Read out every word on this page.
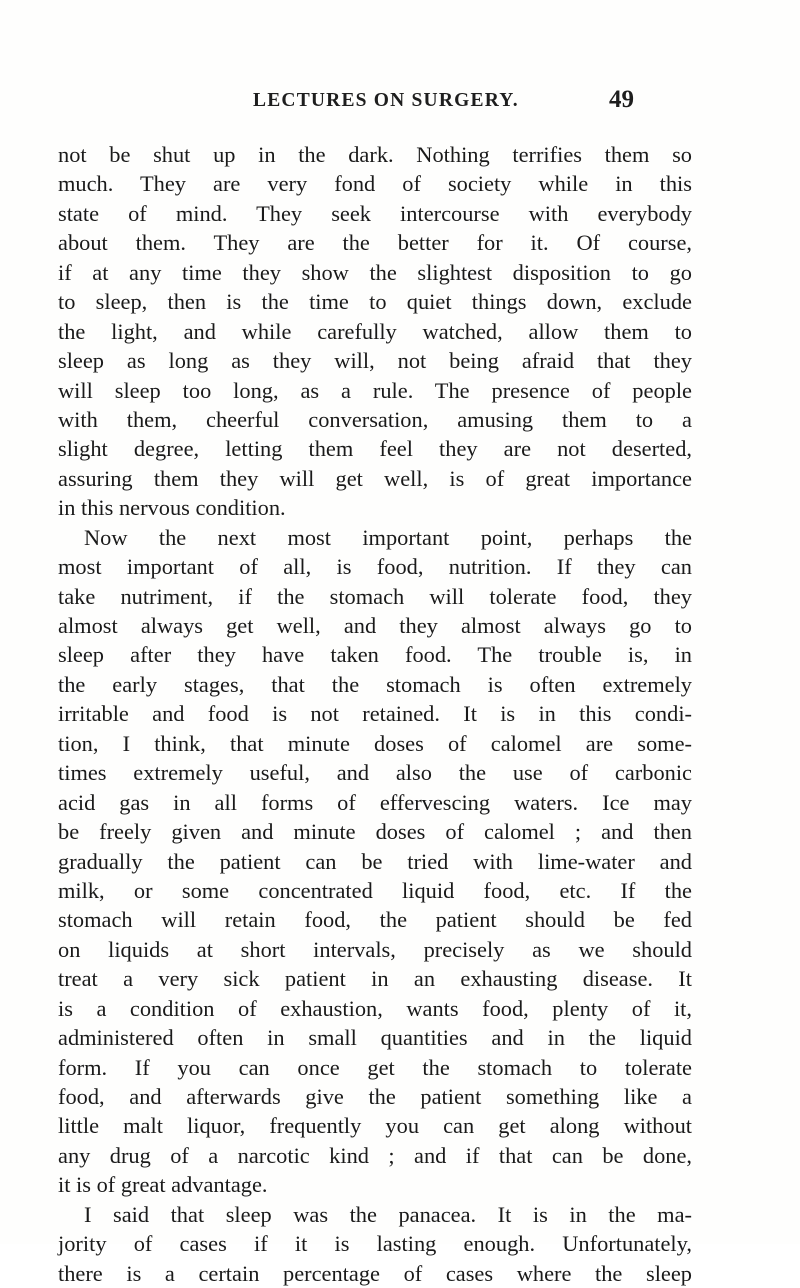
LECTURES ON SURGERY.	49
not be shut up in the dark. Nothing terrifies them so
much. They are very fond of society while in this
state of mind. They seek intercourse with everybody
about them. They are the better for it. Of course,
if at any time they show the slightest disposition to go
to sleep, then is the time to quiet things down, exclude
the light, and while carefully watched, allow them to
sleep as long as they will, not being afraid that they
will sleep too long, as a rule. The presence of people
with them, cheerful conversation, amusing them to a
slight degree, letting them feel they are not deserted,
assuring them they will get well, is of great importance
in this nervous condition.
Now the next most important point, perhaps the
most important of all, is food, nutrition. If they can
take nutriment, if the stomach will tolerate food, they
almost always get well, and they almost always go to
sleep after they have taken food. The trouble is, in
the early stages, that the stomach is often extremely
irritable and food is not retained. It is in this condi-
tion, I think, that minute doses of calomel are some-
times extremely useful, and also the use of carbonic
acid gas in all forms of effervescing waters. Ice may
be freely given and minute doses of calomel ; and then
gradually the patient can be tried with lime-water and
milk, or some concentrated liquid food, etc. If the
stomach will retain food, the patient should be fed
on liquids at short intervals, precisely as we should
treat a very sick patient in an exhausting disease. It
is a condition of exhaustion, wants food, plenty of it,
administered often in small quantities and in the liquid
form. If you can once get the stomach to tolerate
food, and afterwards give the patient something like a
little malt liquor, frequently you can get along without
any drug of a narcotic kind ; and if that can be done,
it is of great advantage.
I said that sleep was the panacea. It is in the ma-
jority of cases if it is lasting enough. Unfortunately,
there is a certain percentage of cases where the sleep
